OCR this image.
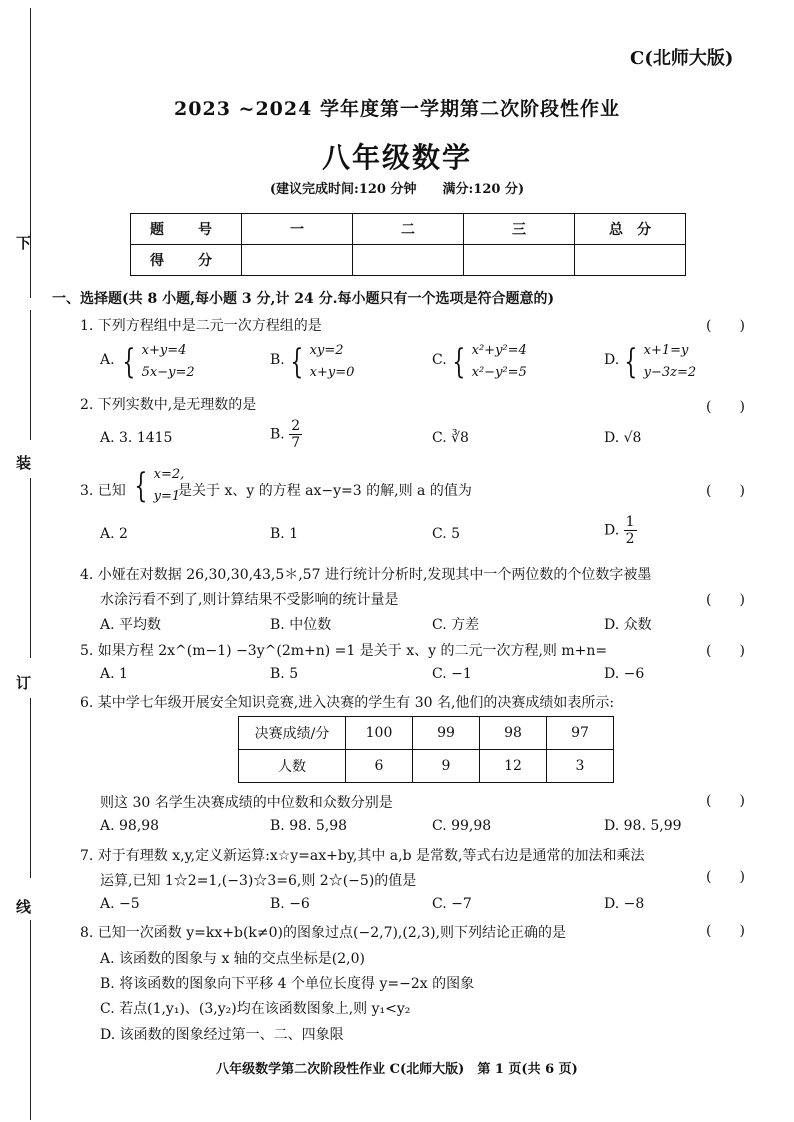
下
装
订
线
C(北师大版)
2023 ~2024 学年度第一学期第二次阶段性作业
八年级数学
(建议完成时间:120 分钟　　满分:120 分)
题　号	一	二	三	总　分
得　分				
一、选择题(共 8 小题,每小题 3 分,计 24 分.每小题只有一个选项是符合题意的)
1. 下列方程组中是二元一次方程组的是	(　　)
A. { x+y=4
5x−y=2
B. { xy=2
x+y=0
C. { x²+y²=4
x²−y²=5
D. { x+1=y
y−3z=2
2. 下列实数中,是无理数的是	(　　)
A. 3. 1415	B. $\frac{2}{7}$	C. ∛8	D. √8
3. 已知 { x=2,
y=1
是关于 x、y 的方程 ax−y=3 的解,则 a 的值为	(　　)
A. 2	B. 1	C. 5	D. $\frac{1}{2}$
4. 小娅在对数据 26,30,30,43,5＊,57 进行统计分析时,发现其中一个两位数的个位数字被墨
水涂污看不到了,则计算结果不受影响的统计量是	(　　)
A. 平均数	B. 中位数	C. 方差	D. 众数
5. 如果方程 2x^(m−1) −3y^(2m+n) =1 是关于 x、y 的二元一次方程,则 m+n=	(　　)
A. 1	B. 5	C. −1	D. −6
6. 某中学七年级开展安全知识竞赛,进入决赛的学生有 30 名,他们的决赛成绩如表所示:
决赛成绩/分	100	99	98	97
人数	6	9	12	3
则这 30 名学生决赛成绩的中位数和众数分别是	(　　)
A. 98,98	B. 98. 5,98	C. 99,98	D. 98. 5,99
7. 对于有理数 x,y,定义新运算:x☆y=ax+by,其中 a,b 是常数,等式右边是通常的加法和乘法
运算,已知 1☆2=1,(−3)☆3=6,则 2☆(−5)的值是	(　　)
A. −5	B. −6	C. −7	D. −8
8. 已知一次函数 y=kx+b(k≠0)的图象过点(−2,7),(2,3),则下列结论正确的是	(　　)
A. 该函数的图象与 x 轴的交点坐标是(2,0)
B. 将该函数的图象向下平移 4 个单位长度得 y=−2x 的图象
C. 若点(1,y₁)、(3,y₂)均在该函数图象上,则 y₁<y₂
D. 该函数的图象经过第一、二、四象限
八年级数学第二次阶段性作业 C(北师大版)　第 1 页(共 6 页)
